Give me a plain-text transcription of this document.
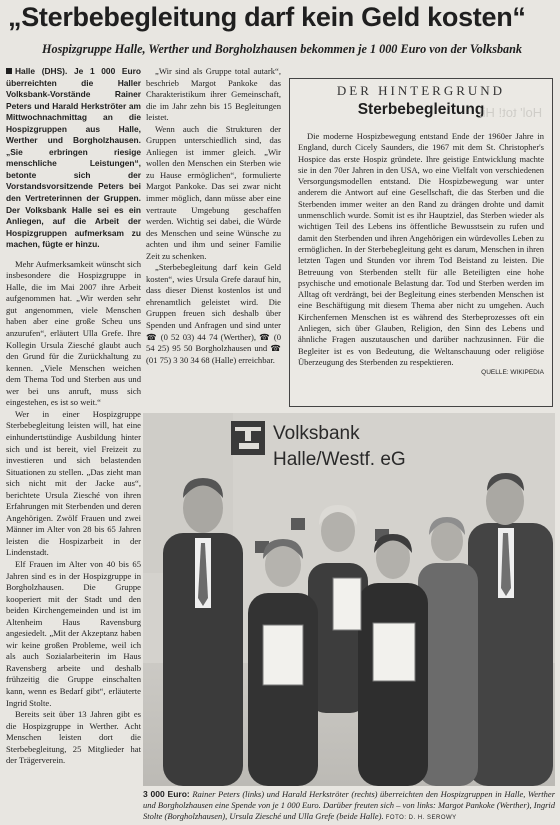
„Sterbebegleitung darf kein Geld kosten“
Hospizgruppe Halle, Werther und Borgholzhausen bekommen je 1 000 Euro von der Volksbank
Halle (DHS). Je 1 000 Euro überreichten die Haller Volksbank-Vorstände Rainer Peters und Harald Herkströter am Mittwochnachmittag an die Hospizgruppen aus Halle, Werther und Borgholzhausen. „Sie erbringen riesige menschliche Leistungen“, betonte sich der Vorstandsvorsitzende Peters bei den Vertreterinnen der Gruppen. Der Volksbank Halle sei es ein Anliegen, auf die Arbeit der Hospizgruppen aufmerksam zu machen, fügte er hinzu.

Mehr Aufmerksamkeit wünscht sich insbesondere die Hospizgruppe in Halle, die im Mai 2007 ihre Arbeit aufgenommen hat. „Wir werden sehr gut angenommen, viele Menschen haben aber eine große Scheu uns anzurufen“, erläutert Ulla Grefe. Ihre Kollegin Ursula Ziesché glaubt auch den Grund für die Zurückhaltung zu kennen. „Viele Menschen weichen dem Thema Tod und Sterben aus und wer bei uns anruft, muss sich eingestehen, es ist so weit.“

Wer in einer Hospizgruppe Sterbebegleitung leisten will, hat eine einhundertstündige Ausbildung hinter sich und ist bereit, viel Freizeit zu investieren und sich belastenden Situationen zu stellen. „Das zieht man sich nicht mit der Jacke aus“, berichtete Ursula Ziesché von ihren Erfahrungen mit Sterbenden und deren Angehörigen. Zwölf Frauen und zwei Männer im Alter von 28 bis 65 Jahren leisten die Hospizarbeit in der Lindenstadt.

Elf Frauen im Alter von 40 bis 65 Jahren sind es in der Hospizgruppe in Borgholzhausen. Die Gruppe kooperiert mit der Stadt und den beiden Kirchengemeinden und ist im Altenheim Haus Ravensburg angesiedelt. „Mit der Akzeptanz haben wir keine großen Probleme, weil ich als auch Sozialarbeiterin im Haus Ravensberg arbeite und deshalb frühzeitig die Gruppe einschalten kann, wenn es Bedarf gibt“, erläuterte Ingrid Stolte.

Bereits seit über 13 Jahren gibt es die Hospizgruppe in Werther. Acht Menschen leisten dort die Sterbebegleitung, 25 Mitglieder hat der Trägerverein.

„Wir sind als Gruppe total autark“, beschrieb Margot Pankoke das Charakteristikum ihrer Gemeinschaft, die im Jahr zehn bis 15 Begleitungen leistet.

Wenn auch die Strukturen der Gruppen unterschiedlich sind, das Anliegen ist immer gleich. „Wir wollen den Menschen ein Sterben wie zu Hause ermöglichen“, formulierte Margot Pankoke. Das sei zwar nicht immer möglich, dann müsse aber eine vertraute Umgebung geschaffen werden. Wichtig sei dabei, die Würde des Menschen und seine Wünsche zu achten und ihm und seiner Familie Zeit zu schenken.

„Sterbebegleitung darf kein Geld kosten“, wies Ursula Grefe darauf hin, dass dieser Dienst kostenlos ist und ehrenamtlich geleistet wird. Die Gruppen freuen sich deshalb über Spenden und Anfragen und sind unter ☎ (0 52 03) 44 74 (Werther), ☎ (0 54 25) 95 50 Borgholzhausen und ☎ (01 75) 3 30 34 68 (Halle) erreichbar.

Hol' tot! Hi!
DER HINTERGRUND
Sterbebegleitung

Die moderne Hospizbewegung entstand Ende der 1960er Jahre in England, durch Cicely Saunders, die 1967 mit dem St. Christopher's Hospice das erste Hospiz gründete. Ihre geistige Entwicklung machte sie in den 70er Jahren in den USA, wo eine Vielfalt von verschiedenen Versorgungsmodellen entstand. Die Hospizbewegung war unter anderem die Antwort auf eine Gesellschaft, die das Sterben und die Sterbenden immer weiter an den Rand zu drängen drohte und damit unmenschlich wurde. Somit ist es ihr Hauptziel, das Sterben wieder als wichtigen Teil des Lebens ins öffentliche Bewusstsein zu rufen und damit den Sterbenden und ihren Angehörigen ein würdevolles Leben zu ermöglichen. In der Sterbebegleitung geht es darum, Menschen in ihren letzten Tagen und Stunden vor ihrem Tod Beistand zu leisten. Die Betreuung von Sterbenden stellt für alle Beteiligten eine hohe psychische und emotionale Belastung dar. Tod und Sterben werden im Alltag oft verdrängt, bei der Begleitung eines sterbenden Menschen ist eine Beschäftigung mit diesem Thema aber nicht zu umgehen. Auch Kirchenfernen Menschen ist es während des Sterbeprozesses oft ein Anliegen, sich über Glauben, Religion, den Sinn des Lebens und ähnliche Fragen auszutauschen und darüber nachzusinnen. Für die Begleiter ist es von Bedeutung, die Weltanschauung oder religiöse Überzeugung des Sterbenden zu respektieren.

QUELLE: WIKIPEDIA
Volksbank
Halle/Westf. eG
3 000 Euro: Rainer Peters (links) und Harald Herkströter (rechts) überreichten den Hospizgruppen in Halle, Werther und Borgholzhausen eine Spende von je 1 000 Euro. Darüber freuten sich – von links: Margot Pankoke (Werther), Ingrid Stolte (Borgholzhausen), Ursula Ziesché und Ulla Grefe (beide Halle). FOTO: D. H. SEROWY
